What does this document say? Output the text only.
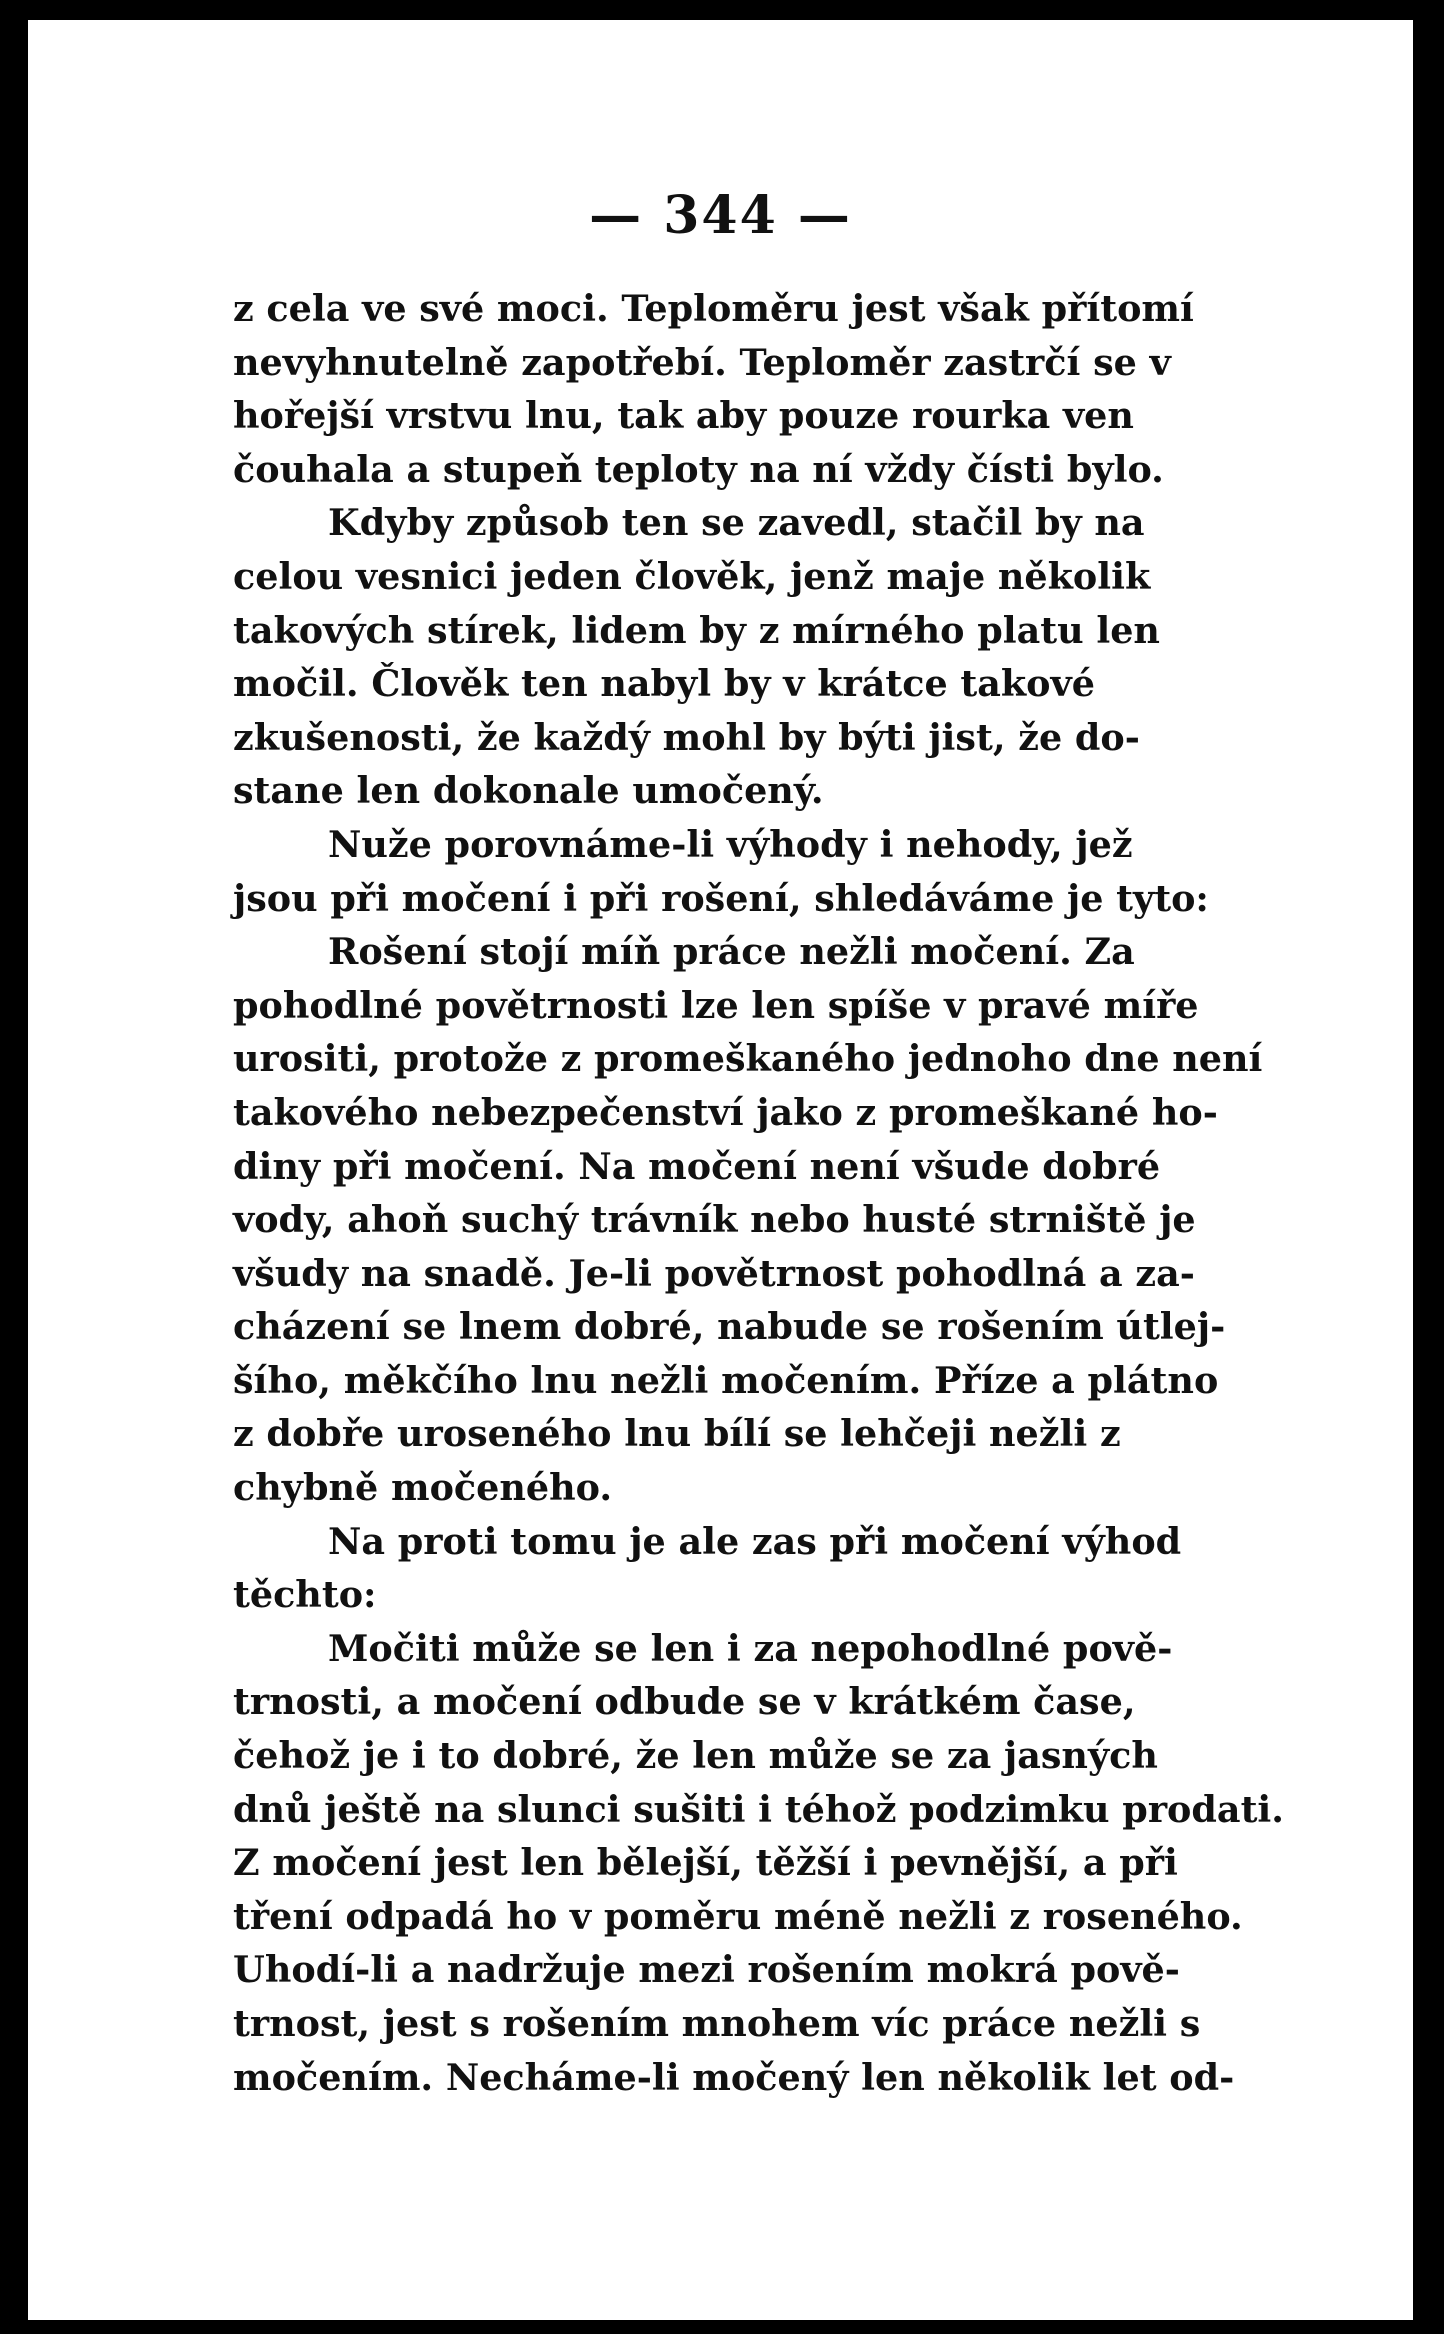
— 344 —
z cela ve své moci. Teploměru jest však přítomí
nevyhnutelně zapotřebí. Teploměr zastrčí se v
hořejší vrstvu lnu, tak aby pouze rourka ven
čouhala a stupeň teploty na ní vždy čísti bylo.
Kdyby způsob ten se zavedl, stačil by na
celou vesnici jeden člověk, jenž maje několik
takových stírek, lidem by z mírného platu len
močil. Člověk ten nabyl by v krátce takové
zkušenosti, že každý mohl by býti jist, že do-
stane len dokonale umočený.
Nuže porovnáme-li výhody i nehody, jež
jsou při močení i při rošení, shledáváme je tyto:
Rošení stojí míň práce nežli močení. Za
pohodlné povětrnosti lze len spíše v pravé míře
urositi, protože z promeškaného jednoho dne není
takového nebezpečenství jako z promeškané ho-
diny při močení. Na močení není všude dobré
vody, ahoň suchý trávník nebo husté strniště je
všudy na snadě. Je-li povětrnost pohodlná a za-
cházení se lnem dobré, nabude se rošením útlej-
šího, měkčího lnu nežli močením. Příze a plátno
z dobře uroseného lnu bílí se lehčeji nežli z
chybně močeného.
Na proti tomu je ale zas při močení výhod
těchto:
Močiti může se len i za nepohodlné pově-
trnosti, a močení odbude se v krátkém čase,
čehož je i to dobré, že len může se za jasných
dnů ještě na slunci sušiti i téhož podzimku prodati.
Z močení jest len bělejší, těžší i pevnější, a při
tření odpadá ho v poměru méně nežli z roseného.
Uhodí-li a nadržuje mezi rošením mokrá pově-
trnost, jest s rošením mnohem víc práce nežli s
močením. Necháme-li močený len několik let od-
